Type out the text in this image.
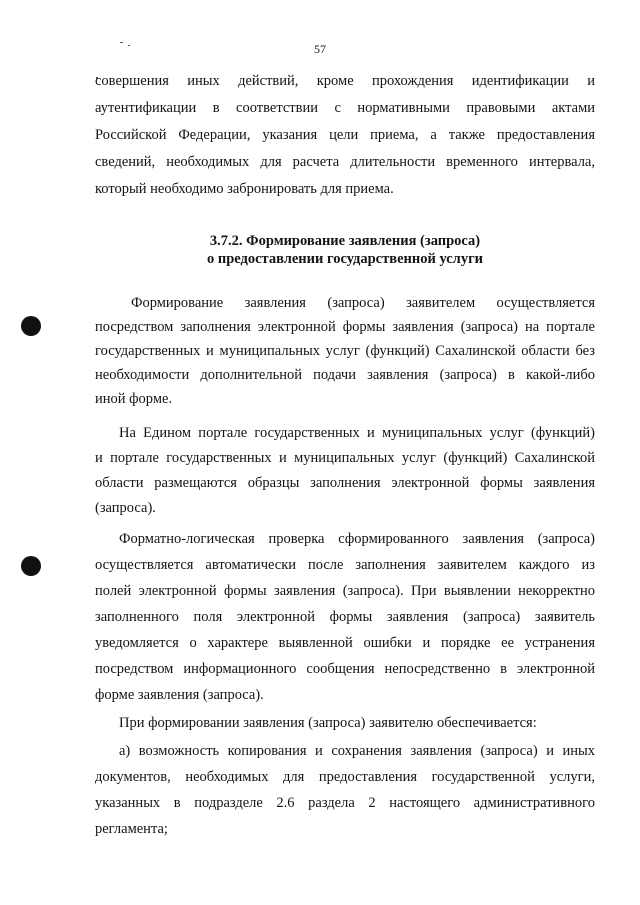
57
совершения иных действий, кроме прохождения идентификации и
аутентификации в соответствии с нормативными правовыми актами
Российской Федерации, указания цели приема, а также предоставления
сведений, необходимых для расчета длительности временного интервала,
который необходимо забронировать для приема.
3.7.2. Формирование заявления (запроса)
о предоставлении государственной услуги
Формирование заявления (запроса) заявителем осуществляется
посредством заполнения электронной формы заявления (запроса) на портале
государственных и муниципальных услуг (функций) Сахалинской области без
необходимости дополнительной подачи заявления (запроса) в какой-либо
иной форме.
На Едином портале государственных и муниципальных услуг (функций)
и портале государственных и муниципальных услуг (функций) Сахалинской
области размещаются образцы заполнения электронной формы заявления
(запроса).
Форматно-логическая проверка сформированного заявления (запроса)
осуществляется автоматически после заполнения заявителем каждого из
полей электронной формы заявления (запроса). При выявлении некорректно
заполненного поля электронной формы заявления (запроса) заявитель
уведомляется о характере выявленной ошибки и порядке ее устранения
посредством информационного сообщения непосредственно в электронной
форме заявления (запроса).
При формировании заявления (запроса) заявителю обеспечивается:
а) возможность копирования и сохранения заявления (запроса) и иных
документов, необходимых для предоставления государственной услуги,
указанных в подразделе 2.6 раздела 2 настоящего административного
регламента;
